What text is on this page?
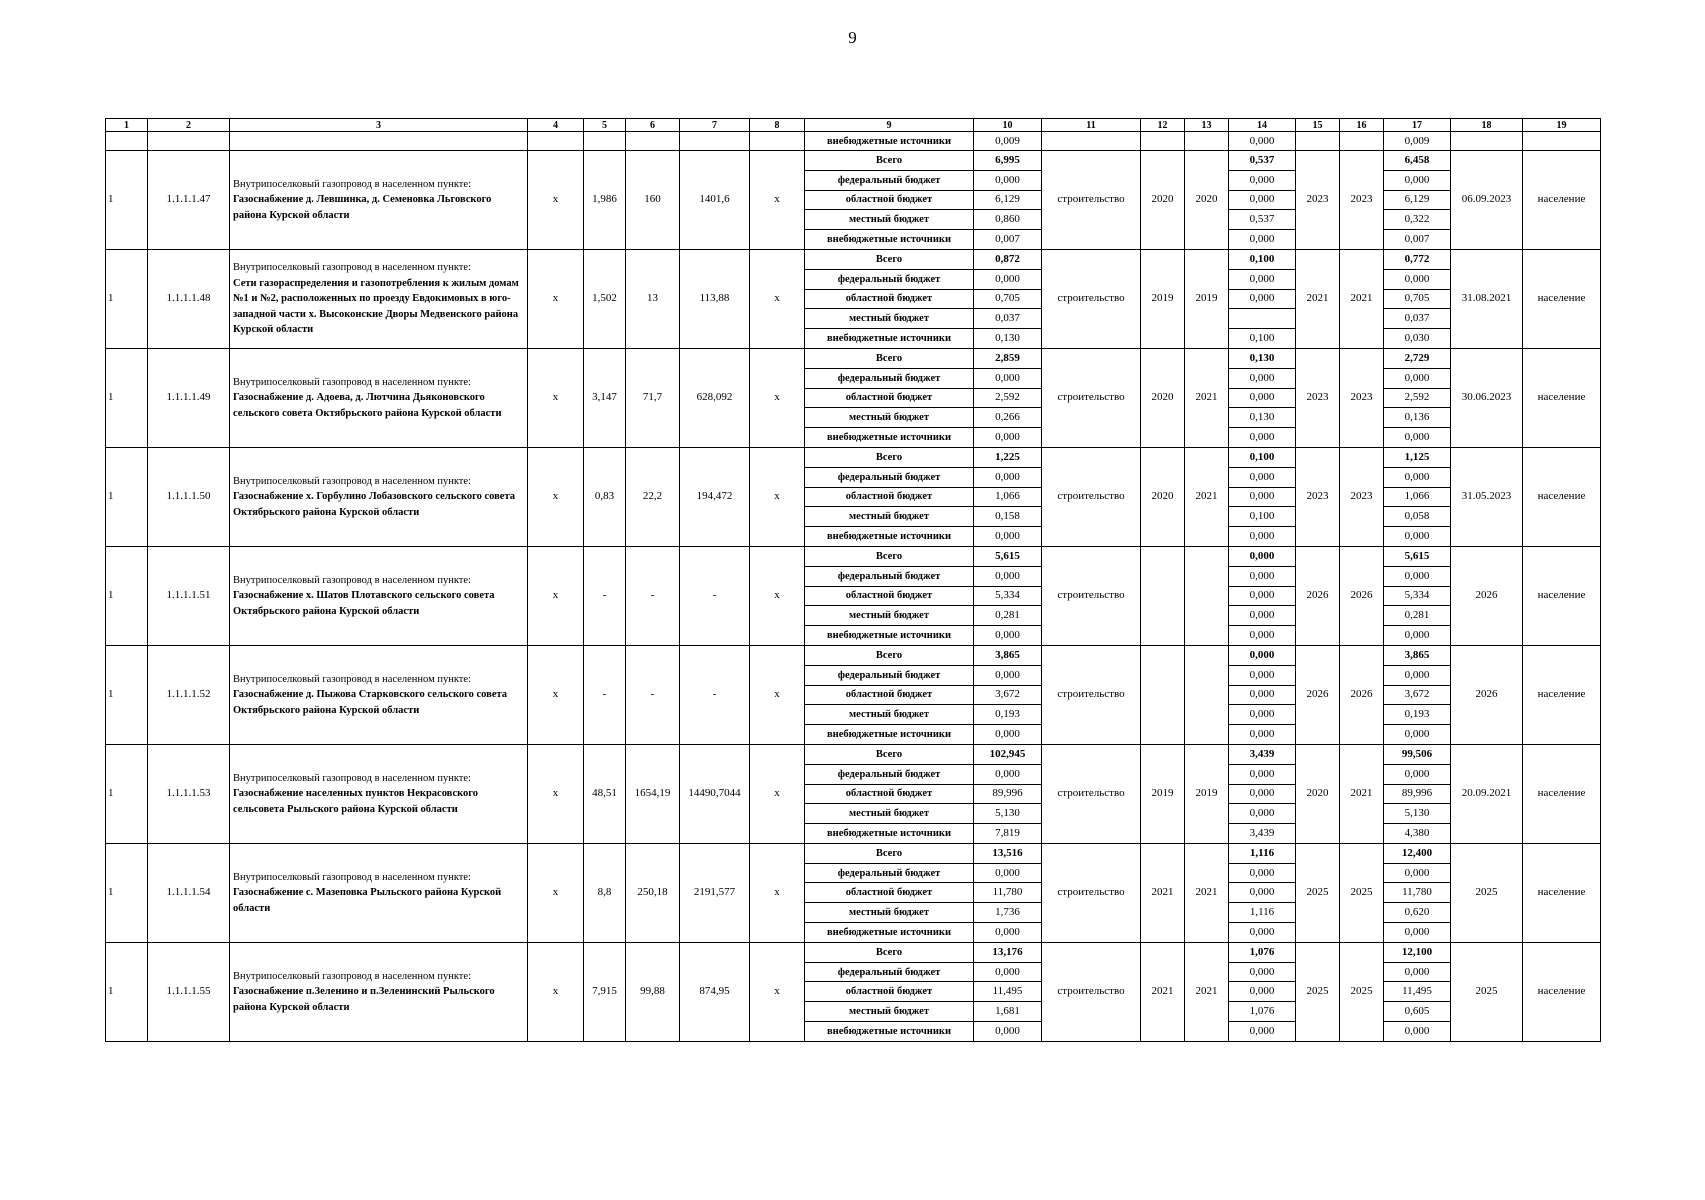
9
1	2	3	4	5	6	7	8	9	10	11	12	13	14	15	16	17	18	19
								внебюджетные источники	0,009				0,000			0,009		
1	1.1.1.1.47	Внутрипоселковый газопровод в населенном пункте:
Газоснабжение д. Левшинка, д. Семеновка Льговского района Курской области	х	1,986	160	1401,6	х	Всего	6,995	строительство	2020	2020	0,537	2023	2023	6,458	06.09.2023	население
								федеральный бюджет	0,000				0,000			0,000		
								областной бюджет	6,129				0,000			6,129		
								местный бюджет	0,860				0,537			0,322		
								внебюджетные источники	0,007				0,000			0,007		
1	1.1.1.1.48	Внутрипоселковый газопровод в населенном пункте:
Сети газораспределения и газопотребления к жилым домам №1 и №2, расположенных по проезду Евдокимовых в юго-западной части х. Высоконские Дворы Медвенского района Курской области	х	1,502	13	113,88	х	Всего	0,872	строительство	2019	2019	0,100	2021	2021	0,772	31.08.2021	население
								федеральный бюджет	0,000				0,000			0,000		
								областной бюджет	0,705				0,000			0,705		
								местный бюджет	0,037							0,037		
								внебюджетные источники	0,130				0,100			0,030		
1	1.1.1.1.49	Внутрипоселковый газопровод в населенном пункте:
Газоснабжение д. Адоева, д. Лютчина Дьяконовского сельского совета Октябрьского района Курской области	х	3,147	71,7	628,092	х	Всего	2,859	строительство	2020	2021	0,130	2023	2023	2,729	30.06.2023	население
								федеральный бюджет	0,000				0,000			0,000		
								областной бюджет	2,592				0,000			2,592		
								местный бюджет	0,266				0,130			0,136		
								внебюджетные источники	0,000				0,000			0,000		
1	1.1.1.1.50	Внутрипоселковый газопровод в населенном пункте:
Газоснабжение х. Горбулино Лобазовского сельского совета Октябрьского района Курской области	х	0,83	22,2	194,472	х	Всего	1,225	строительство	2020	2021	0,100	2023	2023	1,125	31.05.2023	население
								федеральный бюджет	0,000				0,000			0,000		
								областной бюджет	1,066				0,000			1,066		
								местный бюджет	0,158				0,100			0,058		
								внебюджетные источники	0,000				0,000			0,000		
1	1.1.1.1.51	Внутрипоселковый газопровод в населенном пункте:
Газоснабжение х. Шатов Плотавского сельского совета Октябрьского района Курской области	х	-	-	-	х	Всего	5,615	строительство			0,000	2026	2026	5,615	2026	население
								федеральный бюджет	0,000				0,000			0,000		
								областной бюджет	5,334				0,000			5,334		
								местный бюджет	0,281				0,000			0,281		
								внебюджетные источники	0,000				0,000			0,000		
1	1.1.1.1.52	Внутрипоселковый газопровод в населенном пункте:
Газоснабжение д. Пыжова Старковского сельского совета Октябрьского района Курской области	х	-	-	-	х	Всего	3,865	строительство			0,000	2026	2026	3,865	2026	население
								федеральный бюджет	0,000				0,000			0,000		
								областной бюджет	3,672				0,000			3,672		
								местный бюджет	0,193				0,000			0,193		
								внебюджетные источники	0,000				0,000			0,000		
1	1.1.1.1.53	Внутрипоселковый газопровод в населенном пункте:
Газоснабжение населенных пунктов Некрасовского сельсовета Рыльского района Курской области	х	48,51	1654,19	14490,7044	х	Всего	102,945	строительство	2019	2019	3,439	2020	2021	99,506	20.09.2021	население
								федеральный бюджет	0,000				0,000			0,000		
								областной бюджет	89,996				0,000			89,996		
								местный бюджет	5,130				0,000			5,130		
								внебюджетные источники	7,819				3,439			4,380		
1	1.1.1.1.54	Внутрипоселковый газопровод в населенном пункте:
Газоснабжение с. Мазеповка Рыльского района Курской области	х	8,8	250,18	2191,577	х	Всего	13,516	строительство	2021	2021	1,116	2025	2025	12,400	2025	население
								федеральный бюджет	0,000				0,000			0,000		
								областной бюджет	11,780				0,000			11,780		
								местный бюджет	1,736				1,116			0,620		
								внебюджетные источники	0,000				0,000			0,000		
1	1.1.1.1.55	Внутрипоселковый газопровод в населенном пункте:
Газоснабжение п.Зеленино и п.Зеленинский Рыльского района Курской области	х	7,915	99,88	874,95	х	Всего	13,176	строительство	2021	2021	1,076	2025	2025	12,100	2025	население
								федеральный бюджет	0,000				0,000			0,000		
								областной бюджет	11,495				0,000			11,495		
								местный бюджет	1,681				1,076			0,605		
								внебюджетные источники	0,000				0,000			0,000		
